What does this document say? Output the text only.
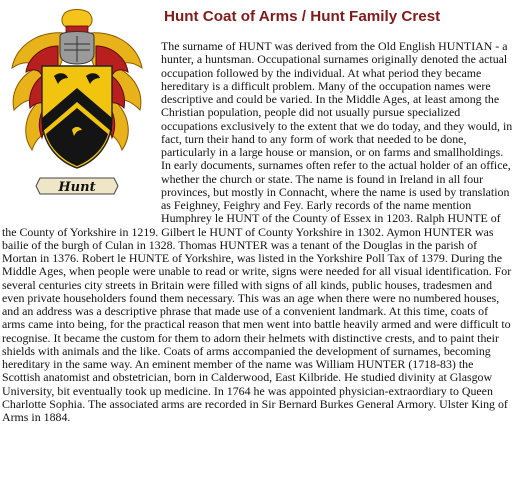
Hunt
Hunt Coat of Arms / Hunt Family Crest

The surname of HUNT was derived from the Old English HUNTIAN - a hunter, a huntsman. Occupational surnames originally denoted the actual occupation followed by the individual. At what period they became hereditary is a difficult problem. Many of the occupation names were descriptive and could be varied. In the Middle Ages, at least among the Christian population, people did not usually pursue specialized occupations exclusively to the extent that we do today, and they would, in fact, turn their hand to any form of work that needed to be done, particularly in a large house or mansion, or on farms and smallholdings. In early documents, surnames often refer to the actual holder of an office, whether the church or state. The name is found in Ireland in all four provinces, but mostly in Connacht, where the name is used by translation as Feighney, Feighry and Fey. Early records of the name mention Humphrey le HUNT of the County of Essex in 1203. Ralph HUNTE of the County of Yorkshire in 1219. Gilbert le HUNT of County Yorkshire in 1302. Aymon HUNTER was bailie of the burgh of Culan in 1328. Thomas HUNTER was a tenant of the Douglas in the parish of Mortan in 1376. Robert le HUNTE of Yorkshire, was listed in the Yorkshire Poll Tax of 1379. During the Middle Ages, when people were unable to read or write, signs were needed for all visual identification. For several centuries city streets in Britain were filled with signs of all kinds, public houses, tradesmen and even private householders found them necessary. This was an age when there were no numbered houses, and an address was a descriptive phrase that made use of a convenient landmark. At this time, coats of arms came into being, for the practical reason that men went into battle heavily armed and were difficult to recognise. It became the custom for them to adorn their helmets with distinctive crests, and to paint their shields with animals and the like. Coats of arms accompanied the development of surnames, becoming hereditary in the same way. An eminent member of the name was William HUNTER (1718-83) the Scottish anatomist and obstetrician, born in Calderwood, East Kilbride. He studied divinity at Glasgow University, bit eventually took up medicine. In 1764 he was appointed physician-extraordiary to Queen Charlotte Sophia. The associated arms are recorded in Sir Bernard Burkes General Armory. Ulster King of Arms in 1884.
